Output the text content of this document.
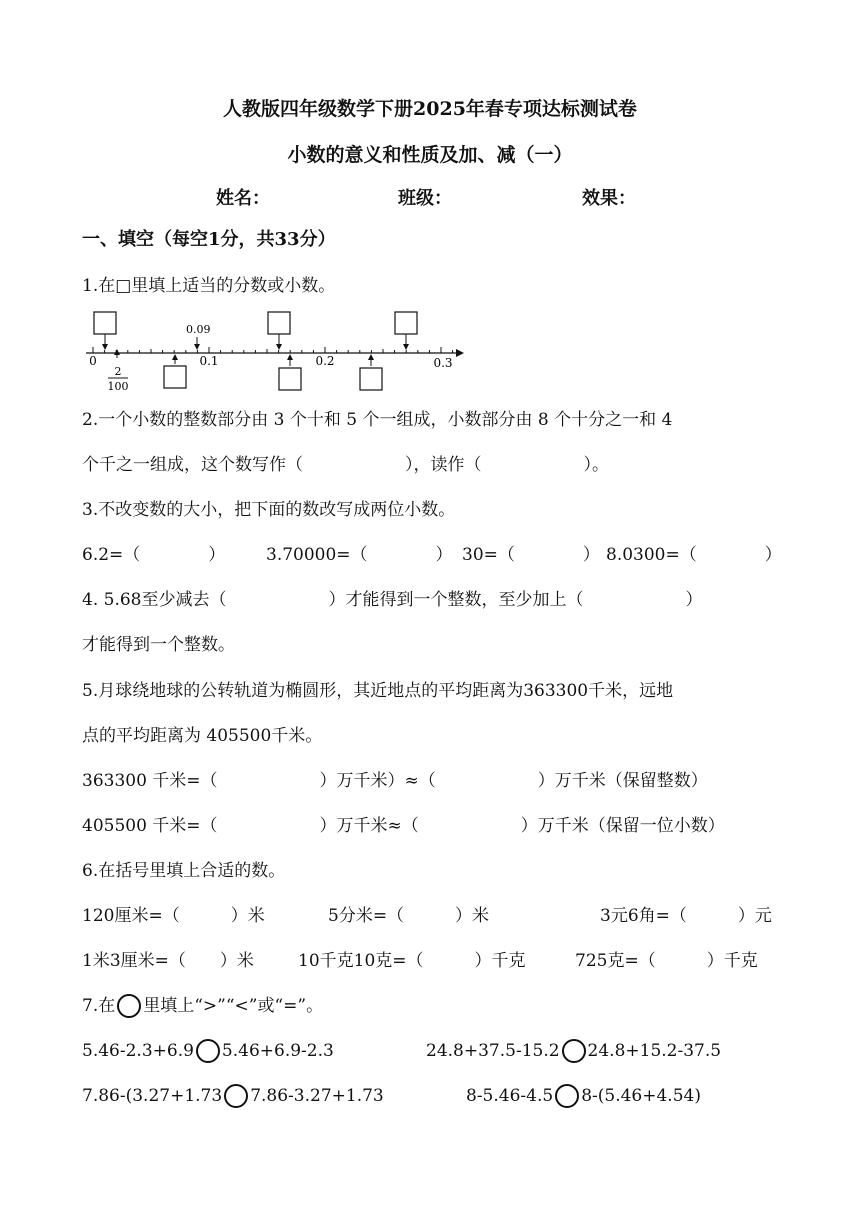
人教版四年级数学下册2025年春专项达标测试卷
小数的意义和性质及加、减（一）
姓名：	班级：	效果：
一、填空（每空1分，共33分）
1.在□里填上适当的分数或小数。
0.09
0	0.1	0.2	0.3
2
100
2.一个小数的整数部分由 3 个十和 5 个一组成，小数部分由 8 个十分之一和 4
个千之一组成，这个数写作（　　　　　　），读作（　　　　　　）。
3.不改变数的大小，把下面的数改写成两位小数。
6.2=（　　　　） 3.70000=（　　　　） 30=（　　　　） 8.0300=（　　　　）
4. 5.68至少减去（　　　　　　）才能得到一个整数，至少加上（　　　　　　）
才能得到一个整数。
5.月球绕地球的公转轨道为椭圆形，其近地点的平均距离为363300千米，远地
点的平均距离为 405500千米。
363300 千米=（　　　　　　）万千米）≈（　　　　　　）万千米（保留整数）
405500 千米=（　　　　　　）万千米≈（　　　　　　）万千米（保留一位小数）
6.在括号里填上合适的数。
120厘米=（　　　）米	5分米=（　　　）米	3元6角=（　　　）元
1米3厘米=（　　）米	10千克10克=（　　　）千克	725克=（　　　）千克
7.在 里填上“>”“<”或“=”。
5.46-2.3+6.9 5.46+6.9-2.3	24.8+37.5-15.2 24.8+15.2-37.5
7.86-(3.27+1.73 7.86-3.27+1.73	8-5.46-4.5 8-(5.46+4.54)
